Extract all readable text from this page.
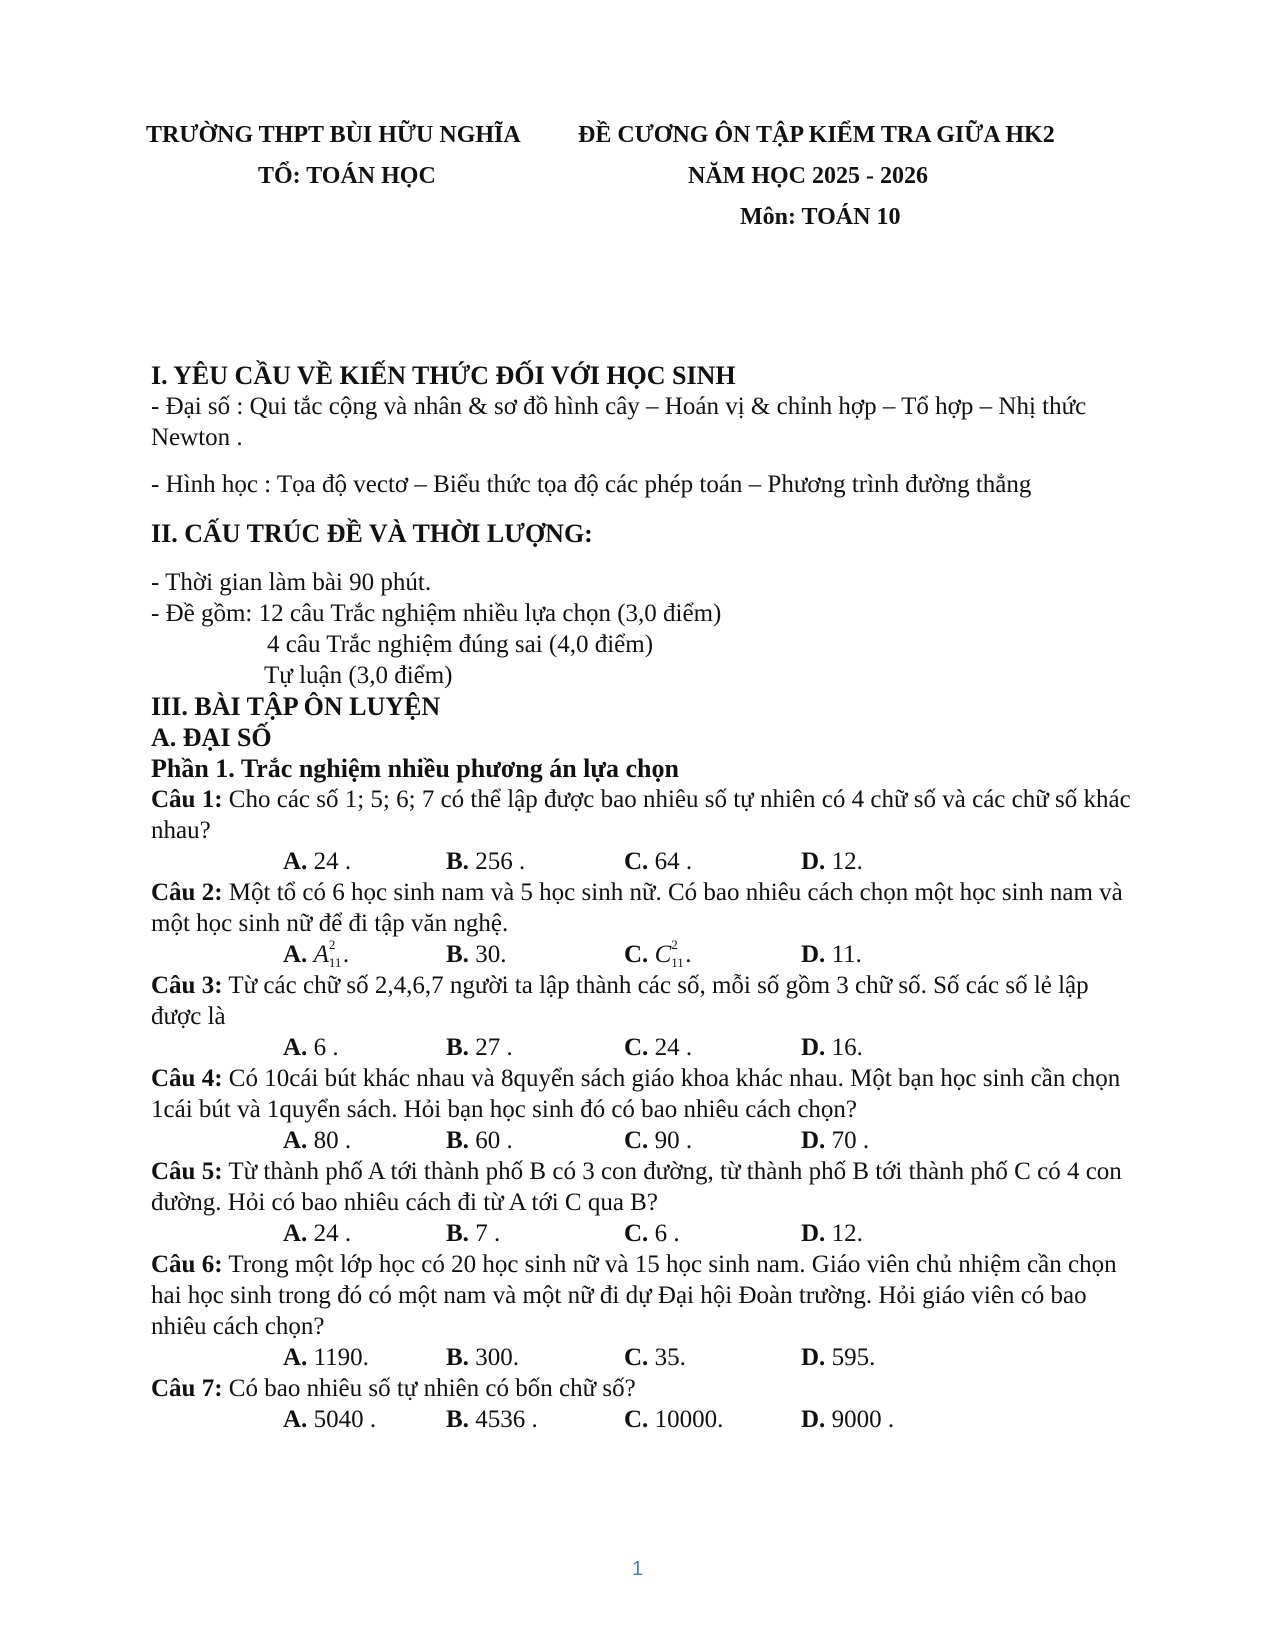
TRƯỜNG THPT BÙI HỮU NGHĨA
TỔ: TOÁN HỌC
ĐỀ CƯƠNG ÔN TẬP KIỂM TRA GIỮA HK2
NĂM HỌC 2025 - 2026
Môn: TOÁN 10
I. YÊU CẦU VỀ KIẾN THỨC ĐỐI VỚI HỌC SINH
- Đại số : Qui tắc cộng và nhân & sơ đồ hình cây – Hoán vị & chỉnh hợp – Tổ hợp – Nhị thức Newton .
- Hình học : Tọa độ vectơ – Biểu thức tọa độ các phép toán – Phương trình đường thẳng
II. CẤU TRÚC ĐỀ VÀ THỜI LƯỢNG:
- Thời gian làm bài 90 phút.
- Đề gồm: 12 câu Trắc nghiệm nhiều lựa chọn (3,0 điểm)
4 câu Trắc nghiệm đúng sai (4,0 điểm)
Tự luận (3,0 điểm)
III. BÀI TẬP ÔN LUYỆN
A. ĐẠI SỐ
Phần 1. Trắc nghiệm nhiều phương án lựa chọn
Câu 1: Cho các số 1; 5; 6; 7 có thể lập được bao nhiêu số tự nhiên có 4 chữ số và các chữ số khác nhau?
A. 24 .	B. 256 .	C. 64 .	D. 12.
Câu 2: Một tổ có 6 học sinh nam và 5 học sinh nữ. Có bao nhiêu cách chọn một học sinh nam và một học sinh nữ để đi tập văn nghệ.
A. A 2
11 .	B. 30.	C. C 2
11 .	D. 11.
Câu 3: Từ các chữ số 2,4,6,7 người ta lập thành các số, mỗi số gồm 3 chữ số. Số các số lẻ lập được là
A. 6 .	B. 27 .	C. 24 .	D. 16.
Câu 4: Có 10cái bút khác nhau và 8quyển sách giáo khoa khác nhau. Một bạn học sinh cần chọn 1cái bút và 1quyển sách. Hỏi bạn học sinh đó có bao nhiêu cách chọn?
A. 80 .	B. 60 .	C. 90 .	D. 70 .
Câu 5: Từ thành phố A tới thành phố B có 3 con đường, từ thành phố B tới thành phố C có 4 con đường. Hỏi có bao nhiêu cách đi từ A tới C qua B?
A. 24 .	B. 7 .	C. 6 .	D. 12.
Câu 6: Trong một lớp học có 20 học sinh nữ và 15 học sinh nam. Giáo viên chủ nhiệm cần chọn hai học sinh trong đó có một nam và một nữ đi dự Đại hội Đoàn trường. Hỏi giáo viên có bao nhiêu cách chọn?
A. 1190.	B. 300.	C. 35.	D. 595.
Câu 7: Có bao nhiêu số tự nhiên có bốn chữ số?
A. 5040 .	B. 4536 .	C. 10000.	D. 9000 .
1
